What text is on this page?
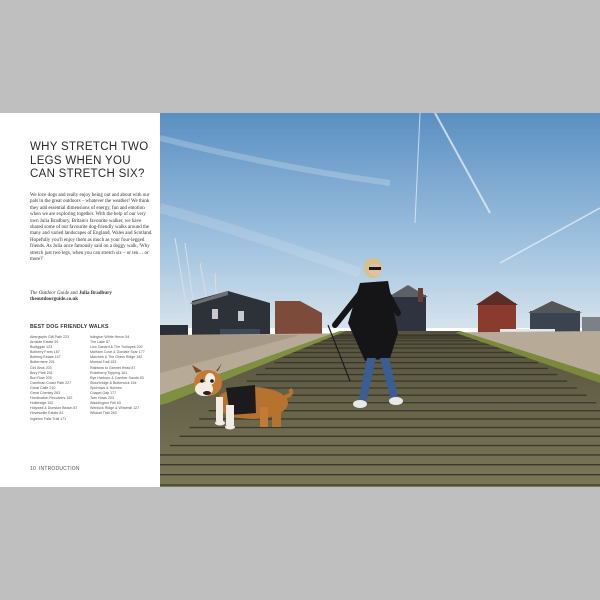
WHY STRETCH TWO
LEGS WHEN YOU
CAN STRETCH SIX?

We love dogs and really enjoy being out and about with our pals in the great outdoors – whatever the weather! We think they add essential dimensions of energy, fun and emotion when we are exploring together. With the help of our very own Julia Bradbury, Britain's favourite walker, we have shared some of our favourite dog-friendly walks around the many and varied landscapes of England, Wales and Scotland. Hopefully you'll enjoy them as much as your four-legged friends. As Julia once famously said on a doggy walk, 'Why stretch just two legs, when you can stretch six – or ten… or more?'

The Outdoor Guide and Julia Bradbury
theoutdoorguide.co.uk
BEST DOG FRIENDLY WALKS
Abergwyfn Gift Path 223
Arnside Estate 59
Bodiggan 123
Bolberry Farm 167
Bolberg Estate 147
Buttermere 201
Cini Bros 203
Bury Park 201
Burl Row 205
Cwmbran Coast Path 227
Great Calfe 210
Great Chenley 263
Homboston Reculvers 152
Hutleridge 152
Holywell & Dunston Beach 87
Hoveswille Estate 81
Ingleton Falls Trail 171
Islington White Heron 54
The Lake 87
Lion Canard & The Trollopes 200
Malham Cove & Gordale Scar 177
Marches & The Grass Ridge 152
Monsal Trail 153
Rainbow to Gannet Head 87
Roseberry Topping 161
Rye Harbour & Camber Sands 83
Stourbridge & Butterwick 154
Spurrows & Holmes
Chapel Gap 177
Tarn Hows 203
Waddington Fell 63
Wenlock Ridge & Windmill 127
Wildcat Trail 263
10 INTRODUCTION
